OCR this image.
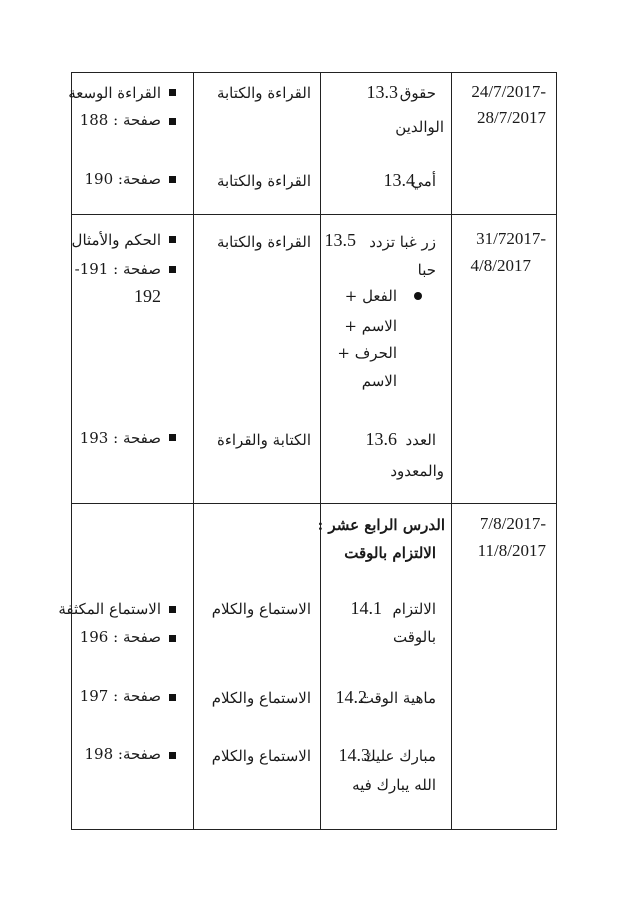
24/7/2017-
28/7/2017
حقوق
13.3
الوالدين
القراءة والكتابة
القراءة الوسعة
صفحة : 188
أمي
13.4
القراءة والكتابة
صفحة: 190
31/72017-
4/8/2017
زر غبا تزدد
13.5
حبا
الفعل +
الاسم +
الحرف +
الاسم
القراءة والكتابة
الحكم والأمثال
صفحة : 191-
192
العدد
13.6
والمعدود
الكتابة والقراءة
صفحة : 193
7/8/2017-
11/8/2017
الدرس الرابع عشر :
الالتزام بالوقت
الالتزام
14.1
بالوقت
الاستماع والكلام
الاستماع المكثفة
صفحة : 196
ماهية الوقت
14.2
الاستماع والكلام
صفحة : 197
مبارك عليك
14.3
الله يبارك فيه
الاستماع والكلام
صفحة: 198
